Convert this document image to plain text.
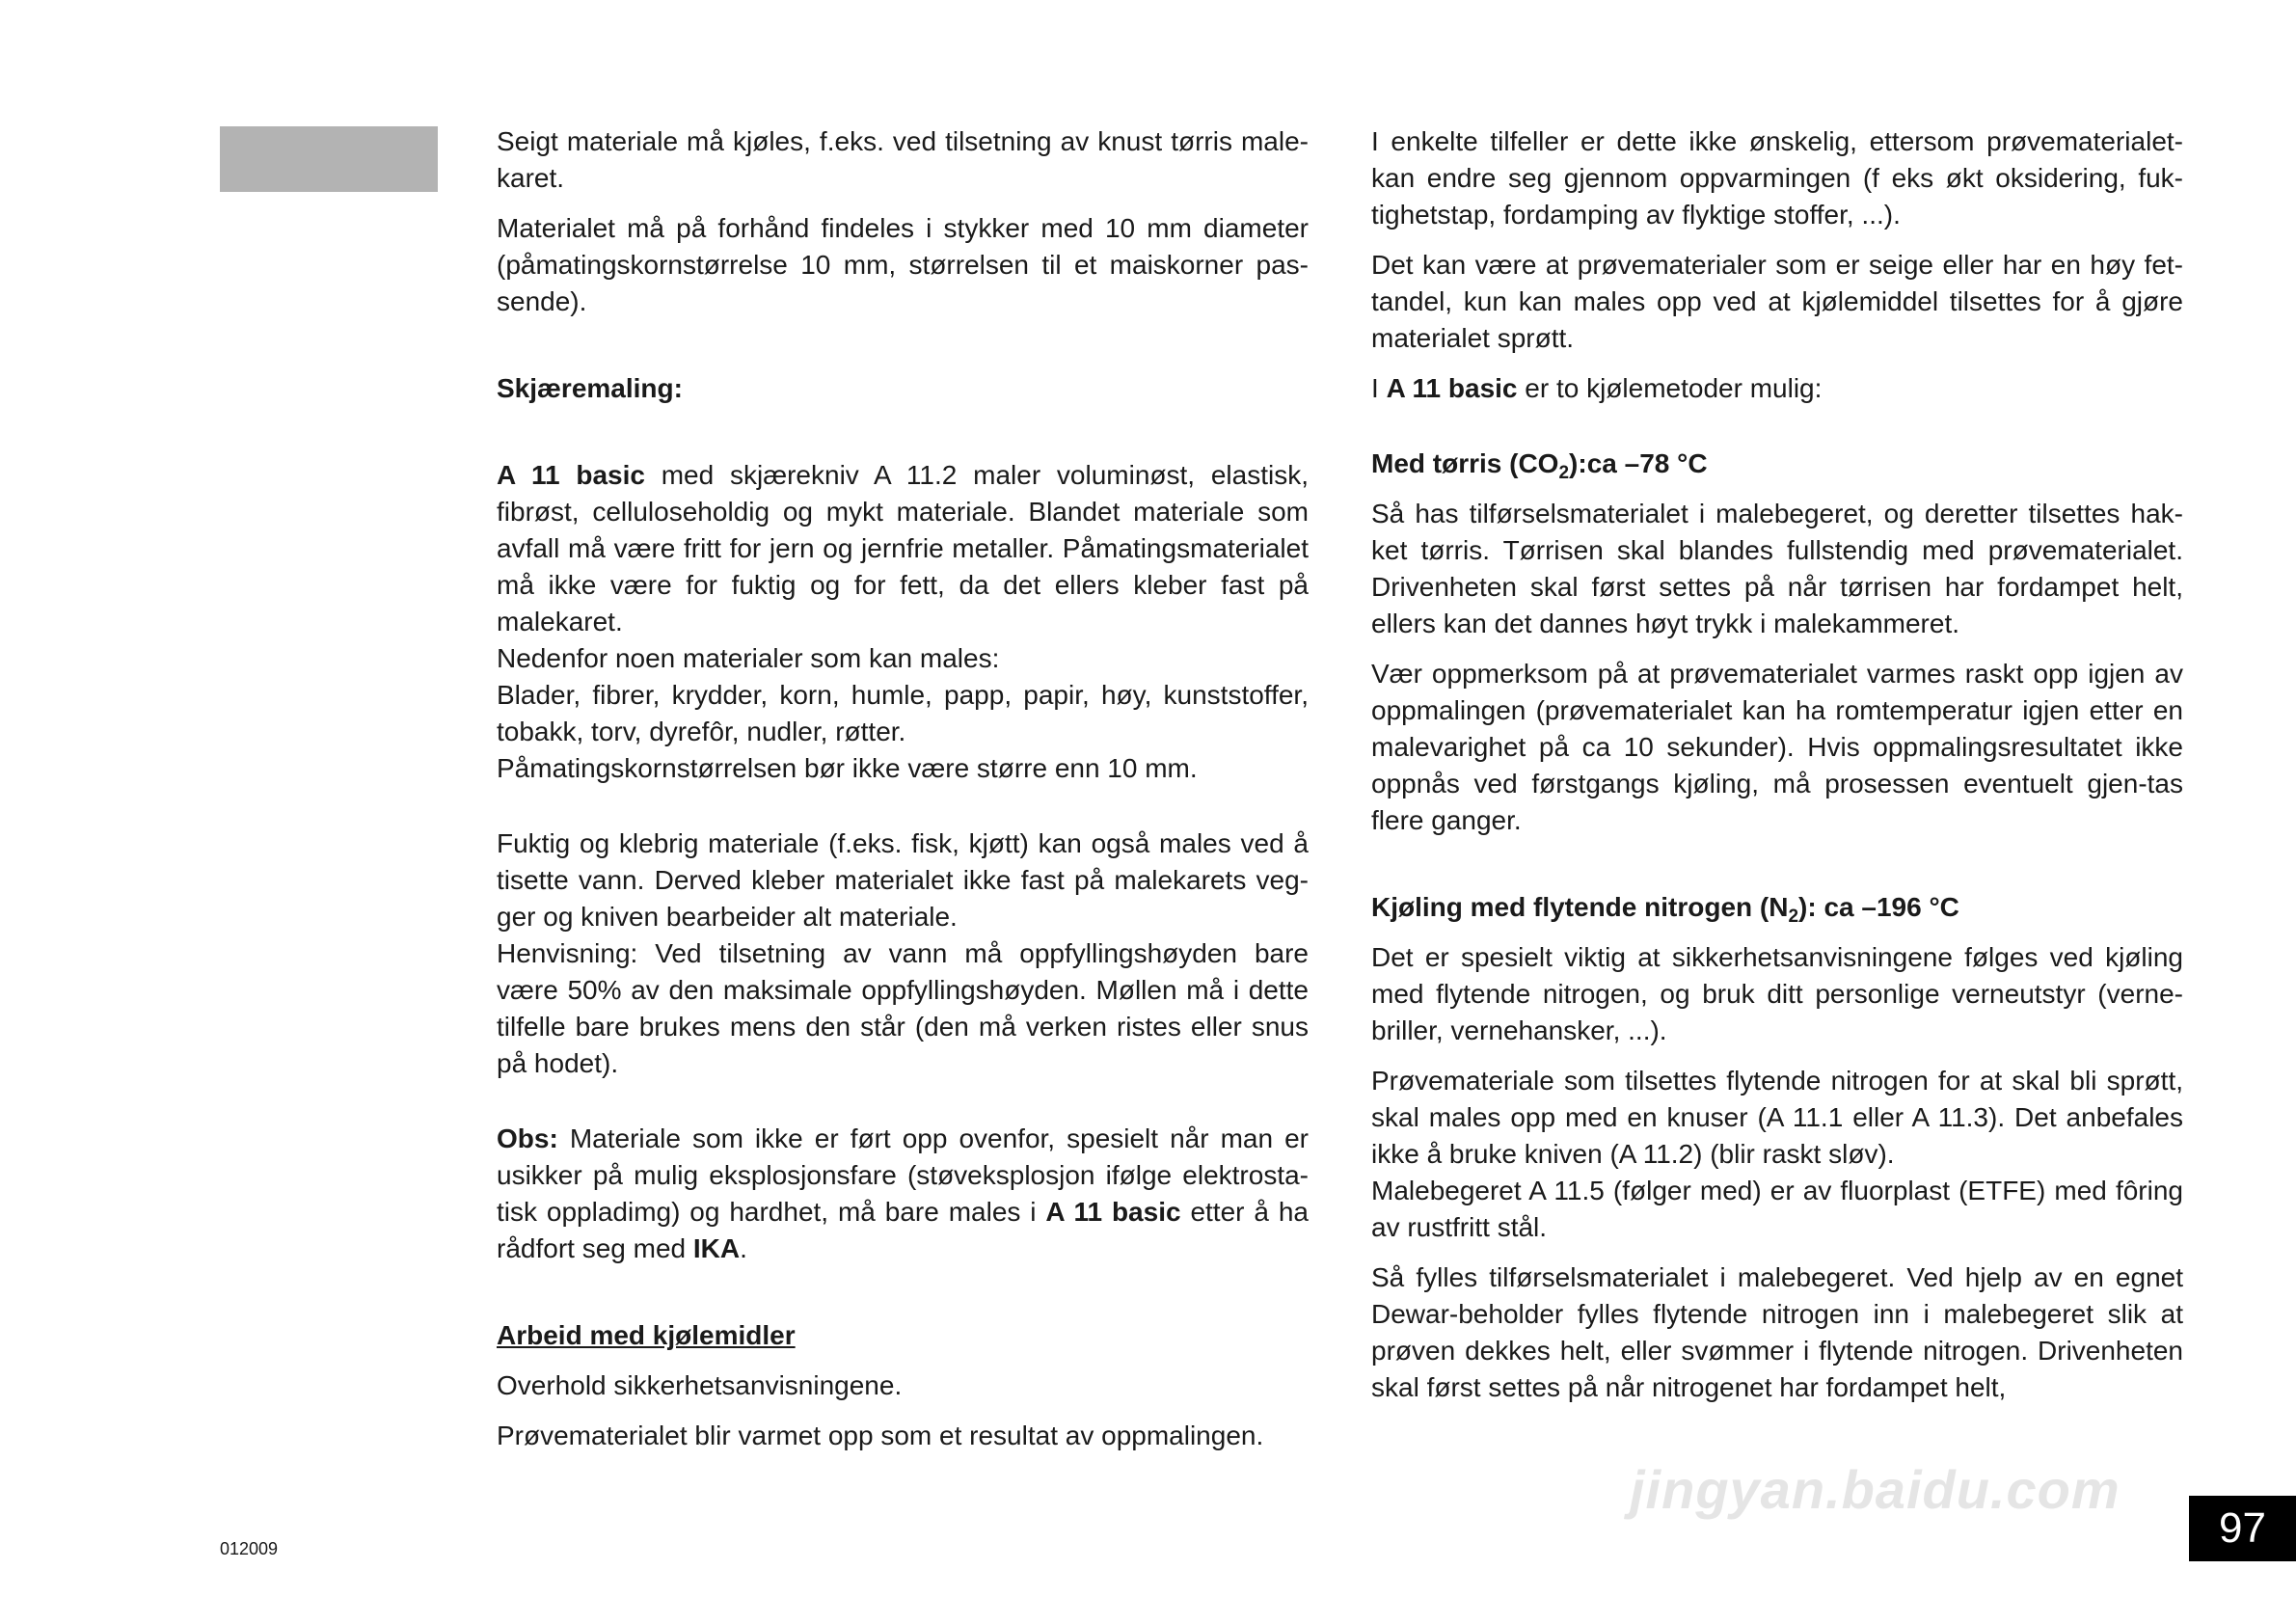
Seigt materiale må kjøles, f.eks. ved tilsetning av knust tørris male-karet.

Materialet må på forhånd findeles i stykker med 10 mm diameter (påmatingskornstørrelse 10 mm, størrelsen til et maiskorner pas-sende).

Skjæremaling:

A 11 basic med skjærekniv A 11.2 maler voluminøst, elastisk, fibrøst, celluloseholdig og mykt materiale. Blandet materiale som avfall må være fritt for jern og jernfrie metaller. Påmatingsmaterialet må ikke være for fuktig og for fett, da det ellers kleber fast på malekaret.

Nedenfor noen materialer som kan males:

Blader, fibrer, krydder, korn, humle, papp, papir, høy, kunststoffer, tobakk, torv, dyrefôr, nudler, røtter.

Påmatingskornstørrelsen bør ikke være større enn 10 mm.

Fuktig og klebrig materiale (f.eks. fisk, kjøtt) kan også males ved å tisette vann. Derved kleber materialet ikke fast på malekarets veg-ger og kniven bearbeider alt materiale.

Henvisning: Ved tilsetning av vann må oppfyllingshøyden bare være 50% av den maksimale oppfyllingshøyden. Møllen må i dette tilfelle bare brukes mens den står (den må verken ristes eller snus på hodet).

Obs: Materiale som ikke er ført opp ovenfor, spesielt når man er usikker på mulig eksplosjonsfare (støveksplosjon ifølge elektrosta-tisk oppladimg) og hardhet, må bare males i A 11 basic etter å ha rådfort seg med IKA.

Arbeid med kjølemidler

Overhold sikkerhetsanvisningene.

Prøvematerialet blir varmet opp som et resultat av oppmalingen.

I enkelte tilfeller er dette ikke ønskelig, ettersom prøvematerialet-kan endre seg gjennom oppvarmingen (f eks økt oksidering, fuk-tighetstap, fordamping av flyktige stoffer, ...).

Det kan være at prøvematerialer som er seige eller har en høy fet-tandel, kun kan males opp ved at kjølemiddel tilsettes for å gjøre materialet sprøtt.

I A 11 basic er to kjølemetoder mulig:

Med tørris $(CO_2):ca$ –78 °C

Så has tilførselsmaterialet i malebegeret, og deretter tilsettes hak-ket tørris. Tørrisen skal blandes fullstendig med prøvematerialet. Drivenheten skal først settes på når tørrisen har fordampet helt, ellers kan det dannes høyt trykk i malekammeret.

Vær oppmerksom på at prøvematerialet varmes raskt opp igjen av oppmalingen (prøvematerialet kan ha romtemperatur igjen etter en malevarighet på ca 10 sekunder). Hvis oppmalingsresultatet ikke oppnås ved førstgangs kjøling, må prosessen eventuelt gjen-tas flere ganger.

Kjøling med flytende nitrogen $(N_2)$: ca –196 °C

Det er spesielt viktig at sikkerhetsanvisningene følges ved kjøling med flytende nitrogen, og bruk ditt personlige verneutstyr (verne-briller, vernehansker, ...).

Prøvemateriale som tilsettes flytende nitrogen for at skal bli sprøtt, skal males opp med en knuser (A 11.1 eller A 11.3). Det anbefales ikke å bruke kniven (A 11.2) (blir raskt sløv).

Malebegeret A 11.5 (følger med) er av fluorplast (ETFE) med fôring av rustfritt stål.

Så fylles tilførselsmaterialet i malebegeret. Ved hjelp av en egnet Dewar-beholder fylles flytende nitrogen inn i malebegeret slik at prøven dekkes helt, eller svømmer i flytende nitrogen. Drivenheten skal først settes på når nitrogenet har fordampet helt,

jingyan.baidu.com
012009	97
